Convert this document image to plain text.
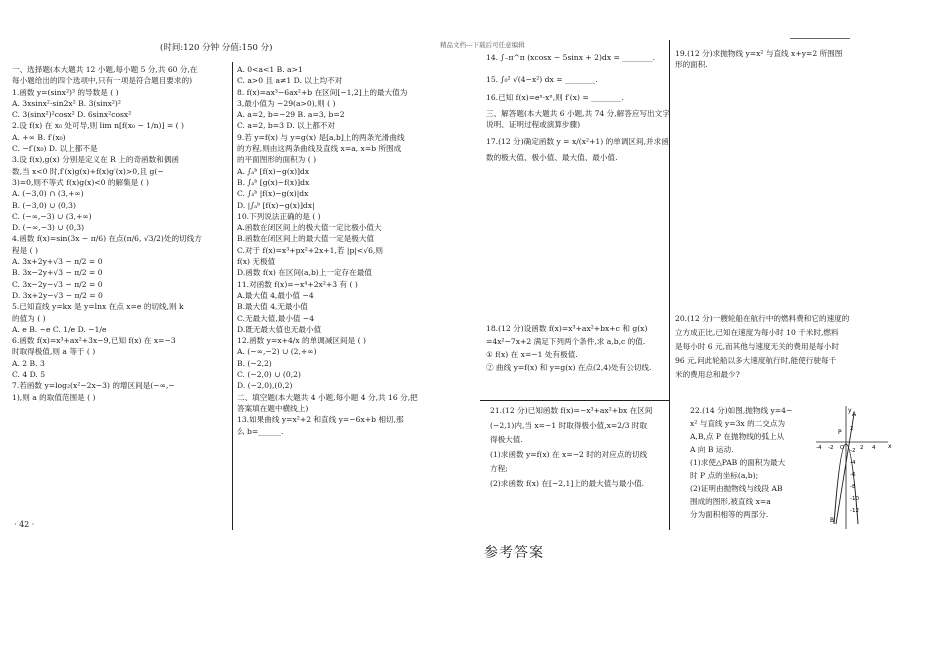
精品文档---下载后可任意编辑
(时间:120 分钟 分值:150 分)
一、选择题(本大题共 12 小题,每小题 5 分,共 60 分,在
每小题给出的四个选项中,只有一项是符合题目要求的)
1.函数 y=(sinx²)³ 的导数是 ( )
A. 3xsinx²·sin2x² B. 3(sinx²)²
C. 3(sinx²)²cosx² D. 6sinx²cosx²
2.设 f(x) 在 x₀ 处可导,则 lim n[f(x₀ − 1/n)] = ( )
A. +∞ B. f′(x₀)
C. −f′(x₀) D. 以上都不是
3.设 f(x),g(x) 分别是定义在 R 上的奇函数和偶函
数,当 x<0 时,f′(x)g(x)+f(x)g′(x)>0,且 g(−
3)=0,则不等式 f(x)g(x)<0 的解集是 ( )
A. (−3,0) ∩ (3,+∞)
B. (−3,0) ∪ (0,3)
C. (−∞,−3) ∪ (3,+∞)
D. (−∞,−3) ∪ (0,3)
4.函数 f(x)=sin(3x − π/6) 在点(π/6, √3/2)处的切线方
程是 ( )
A. 3x+2y+√3 − π/2 = 0
B. 3x−2y+√3 − π/2 = 0
C. 3x−2y−√3 − π/2 = 0
D. 3x+2y−√3 − π/2 = 0
5.已知直线 y=kx 是 y=lnx 在点 x=e 的切线,则 k
的值为 ( )
A. e B. −e C. 1/e D. −1/e
6.函数 f(x)=x³+ax²+3x−9,已知 f(x) 在 x=−3
时取得极值,则 a 等于 ( )
A. 2 B. 3
C. 4 D. 5
7.若函数 y=log₂(x²−2x−3) 的增区间是(−∞,−
1),则 a 的取值范围是 ( )
A. 0<a<1 B. a>1
C. a>0 且 a≠1 D. 以上均不对
8. f(x)=ax³−6ax²+b 在区间[−1,2]上的最大值为
3,最小值为 −29(a>0),则 ( )
A. a=2, b=−29 B. a=3, b=2
C. a=2, b=3 D. 以上都不对
9.若 y=f(x) 与 y=g(x) 是[a,b]上的两条光滑曲线
的方程,则由这两条曲线及直线 x=a, x=b 所围成
的平面图形的面积为 ( )
A. ∫ₐᵇ [f(x)−g(x)]dx
B. ∫ₐᵇ [g(x)−f(x)]dx
C. ∫ₐᵇ |f(x)−g(x)|dx
D. |∫ₐᵇ [f(x)−g(x)]dx|
10.下列说法正确的是 ( )
A.函数在闭区间上的极大值一定比极小值大
B.函数在闭区间上的最大值一定是极大值
C.对于 f(x)=x³+px²+2x+1,若 |p|<√6,则
f(x) 无极值
D.函数 f(x) 在区间(a,b)上一定存在最值
11.对函数 f(x)=−x⁴+2x²+3 有 ( )
A.最大值 4,最小值 −4
B.最大值 4,无最小值
C.无最大值,最小值 −4
D.既无最大值也无最小值
12.函数 y=x+4/x 的单调减区间是 ( )
A. (−∞,−2) ∪ (2,+∞)
B. (−2,2)
C. (−2,0) ∪ (0,2)
D. (−2,0),(0,2)
二、填空题(本大题共 4 小题,每小题 4 分,共 16 分,把
答案填在题中横线上)
13.如果曲线 y=x²+2 和直线 y=−6x+b 相切,那
么 b=______.
14. ∫₋π^π (xcosx − 5sinx + 2)dx = ________.
15. ∫₀² √(4−x²) dx = ________.
16.已知 f(x)=eˣ·xⁿ,则 f′(x) = ________.
三、解答题(本大题共 6 小题,共 74 分,解答应写出文字
说明、证明过程或演算步骤)
17.(12 分)确定函数 y = x/(x²+1) 的单调区间,并求函
数的极大值、极小值、最大值、最小值.
18.(12 分)设函数 f(x)=x³+ax²+bx+c 和 g(x)
=4x²−7x+2 满足下列两个条件,求 a,b,c 的值.
① f(x) 在 x=−1 处有极值.
② 曲线 y=f(x) 和 y=g(x) 在点(2,4)处有公切线.
21.(12 分)已知函数 f(x)=−x³+ax²+bx 在区间
(−2,1)内,当 x=−1 时取得极小值,x=2/3 时取
得极大值.
(1)求函数 y=f(x) 在 x=−2 时的对应点的切线
方程;
(2)求函数 f(x) 在[−2,1]上的最大值与最小值.
19.(12 分)求抛物线 y=x² 与直线 x+y=2 所围图
形的面积.
20.(12 分)一艘轮船在航行中的燃料费和它的速度的
立方成正比,已知在速度为每小时 10 千米时,燃料
是每小时 6 元,而其他与速度无关的费用是每小时
96 元,问此轮船以多大速度航行时,能使行驶每千
米的费用总和最少?
22.(14 分)如图,抛物线 y=4−
x² 与直线 y=3x 的二交点为
A,B,点 P 在抛物线的弧上从
A 向 B 运动.
(1)求使△PAB 的面积为最大
时 P 点的坐标(a,b);
(2)证明由抛物线与线段 AB
围成的图形,被直线 x=a
分为面积相等的两部分.
x
y
2
-2
-4
-6
-8
-10
-12
-4 -2 O	2 4
A
B
P
· 42 ·
参考答案
